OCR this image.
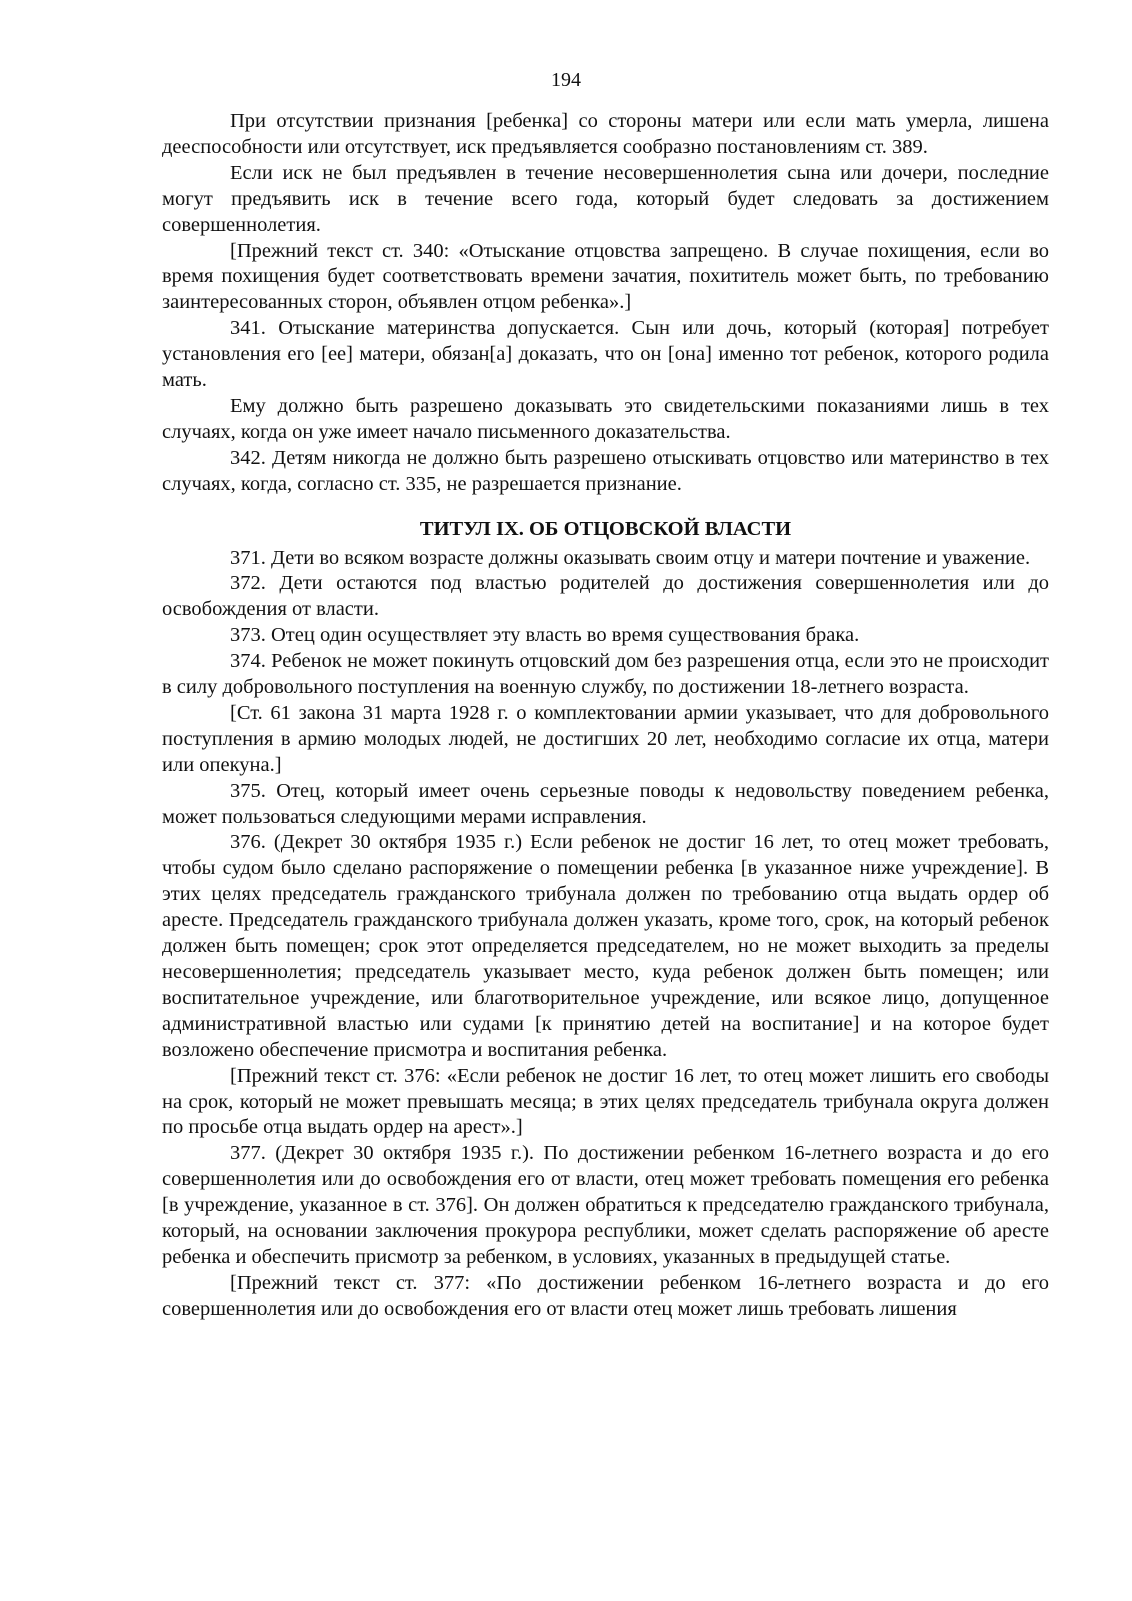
194

При отсутствии признания [ребенка] со стороны матери или если мать умерла, лишена дееспособности или отсутствует, иск предъявляется сообразно постановлениям ст. 389.

Если иск не был предъявлен в течение несовершеннолетия сына или дочери, последние могут предъявить иск в течение всего года, который будет следовать за достижением совершеннолетия.

[Прежний текст ст. 340: «Отыскание отцовства запрещено. В случае похищения, если во время похищения будет соответствовать времени зачатия, похититель может быть, по требованию заинтересованных сторон, объявлен отцом ребенка».]

341. Отыскание материнства допускается. Сын или дочь, который (которая] потребует установления его [ее] матери, обязан[а] доказать, что он [она] именно тот ребенок, которого родила мать.

Ему должно быть разрешено доказывать это свидетельскими показаниями лишь в тех случаях, когда он уже имеет начало письменного доказательства.

342. Детям никогда не должно быть разрешено отыскивать отцовство или материнство в тех случаях, когда, согласно ст. 335, не разрешается признание.

ТИТУЛ IX. ОБ ОТЦОВСКОЙ ВЛАСТИ

371. Дети во всяком возрасте должны оказывать своим отцу и матери почтение и уважение.

372. Дети остаются под властью родителей до достижения совершеннолетия или до освобождения от власти.

373. Отец один осуществляет эту власть во время существования брака.

374. Ребенок не может покинуть отцовский дом без разрешения отца, если это не происходит в силу добровольного поступления на военную службу, по достижении 18-летнего возраста.

[Ст. 61 закона 31 марта 1928 г. о комплектовании армии указывает, что для добровольного поступления в армию молодых людей, не достигших 20 лет, необходимо согласие их отца, матери или опекуна.]

375. Отец, который имеет очень серьезные поводы к недовольству поведением ребенка, может пользоваться следующими мерами исправления.

376. (Декрет 30 октября 1935 г.) Если ребенок не достиг 16 лет, то отец может требовать, чтобы судом было сделано распоряжение о помещении ребенка [в указанное ниже учреждение]. В этих целях председатель гражданского трибунала должен по требованию отца выдать ордер об аресте. Председатель гражданского трибунала должен указать, кроме того, срок, на который ребенок должен быть помещен; срок этот определяется председателем, но не может выходить за пределы несовершеннолетия; председатель указывает место, куда ребенок должен быть помещен; или воспитательное учреждение, или благотворительное учреждение, или всякое лицо, допущенное административной властью или судами [к принятию детей на воспитание] и на которое будет возложено обеспечение присмотра и воспитания ребенка.

[Прежний текст ст. 376: «Если ребенок не достиг 16 лет, то отец может лишить его свободы на срок, который не может превышать месяца; в этих целях председатель трибунала округа должен по просьбе отца выдать ордер на арест».]

377. (Декрет 30 октября 1935 г.). По достижении ребенком 16-летнего возраста и до его совершеннолетия или до освобождения его от власти, отец может требовать помещения его ребенка [в учреждение, указанное в ст. 376]. Он должен обратиться к председателю гражданского трибунала, который, на основании заключения прокурора республики, может сделать распоряжение об аресте ребенка и обеспечить присмотр за ребенком, в условиях, указанных в предыдущей статье.

[Прежний текст ст. 377: «По достижении ребенком 16-летнего возраста и до его совершеннолетия или до освобождения его от власти отец может лишь требовать лишения
